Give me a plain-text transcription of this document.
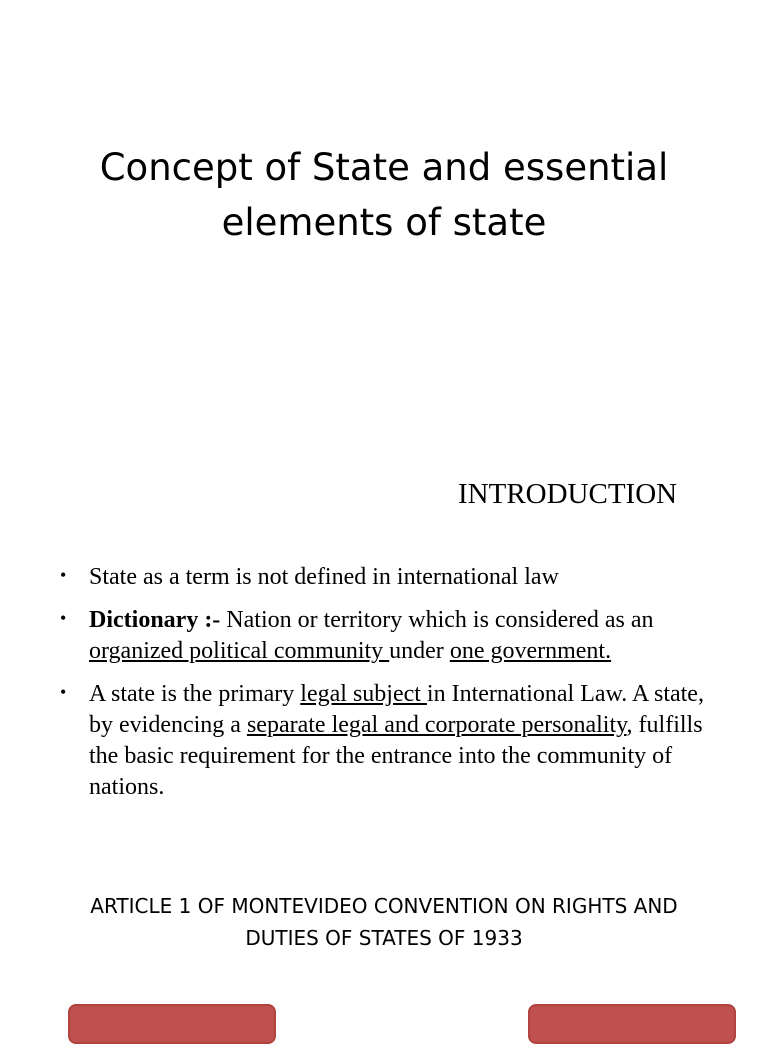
Concept of State and essential
elements of state
INTRODUCTION
• State as a term is not defined in international law
• Dictionary :- Nation or territory which is considered as an organized political community under one government.
• A state is the primary legal subject in International Law. A state, by evidencing a separate legal and corporate personality, fulfills the basic requirement for the entrance into the community of nations.

ARTICLE 1 OF MONTEVIDEO CONVENTION ON RIGHTS AND
DUTIES OF STATES OF 1933
